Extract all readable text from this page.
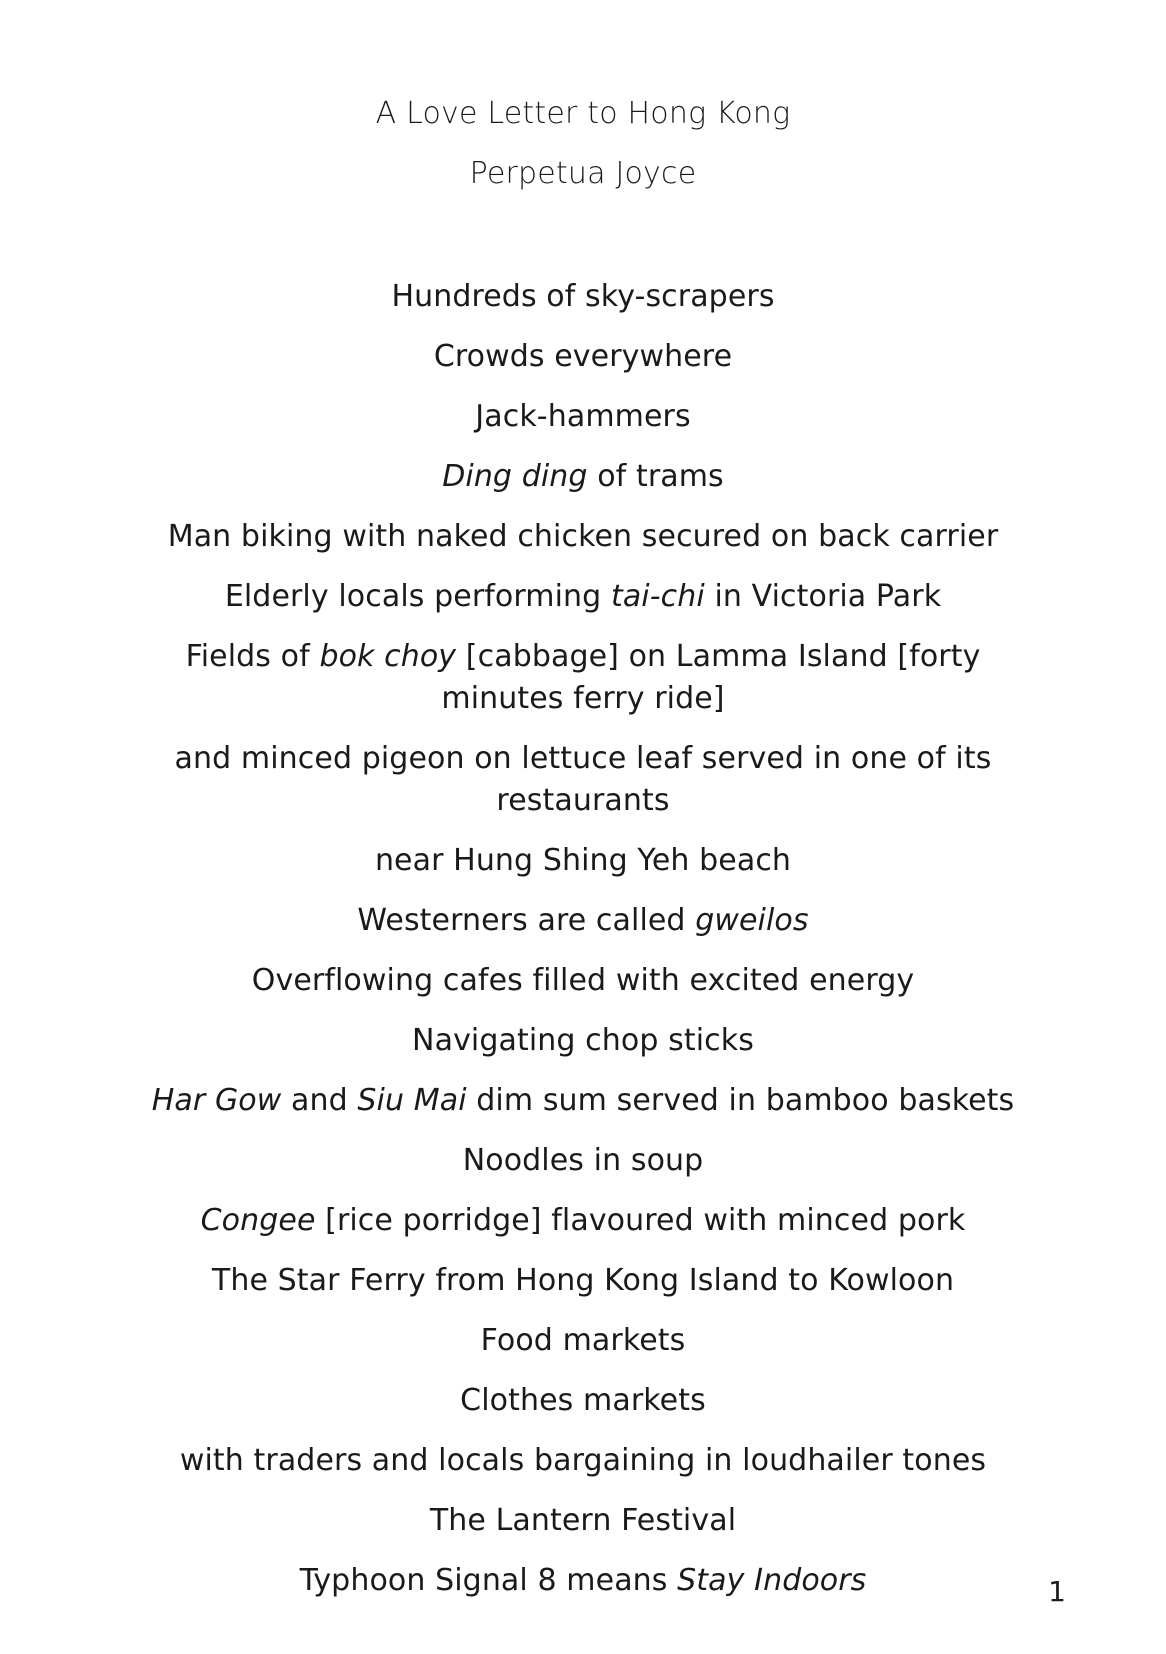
A Love Letter to Hong Kong
Perpetua Joyce
Hundreds of sky-scrapers
Crowds everywhere
Jack-hammers
Ding ding of trams
Man biking with naked chicken secured on back carrier
Elderly locals performing tai-chi in Victoria Park
Fields of bok choy [cabbage] on Lamma Island [forty minutes ferry ride]
and minced pigeon on lettuce leaf served in one of its restaurants
near Hung Shing Yeh beach
Westerners are called gweilos
Overflowing cafes filled with excited energy
Navigating chop sticks
Har Gow and Siu Mai dim sum served in bamboo baskets
Noodles in soup
Congee [rice porridge] flavoured with minced pork
The Star Ferry from Hong Kong Island to Kowloon
Food markets
Clothes markets
with traders and locals bargaining in loudhailer tones
The Lantern Festival
Typhoon Signal 8 means Stay Indoors	1
